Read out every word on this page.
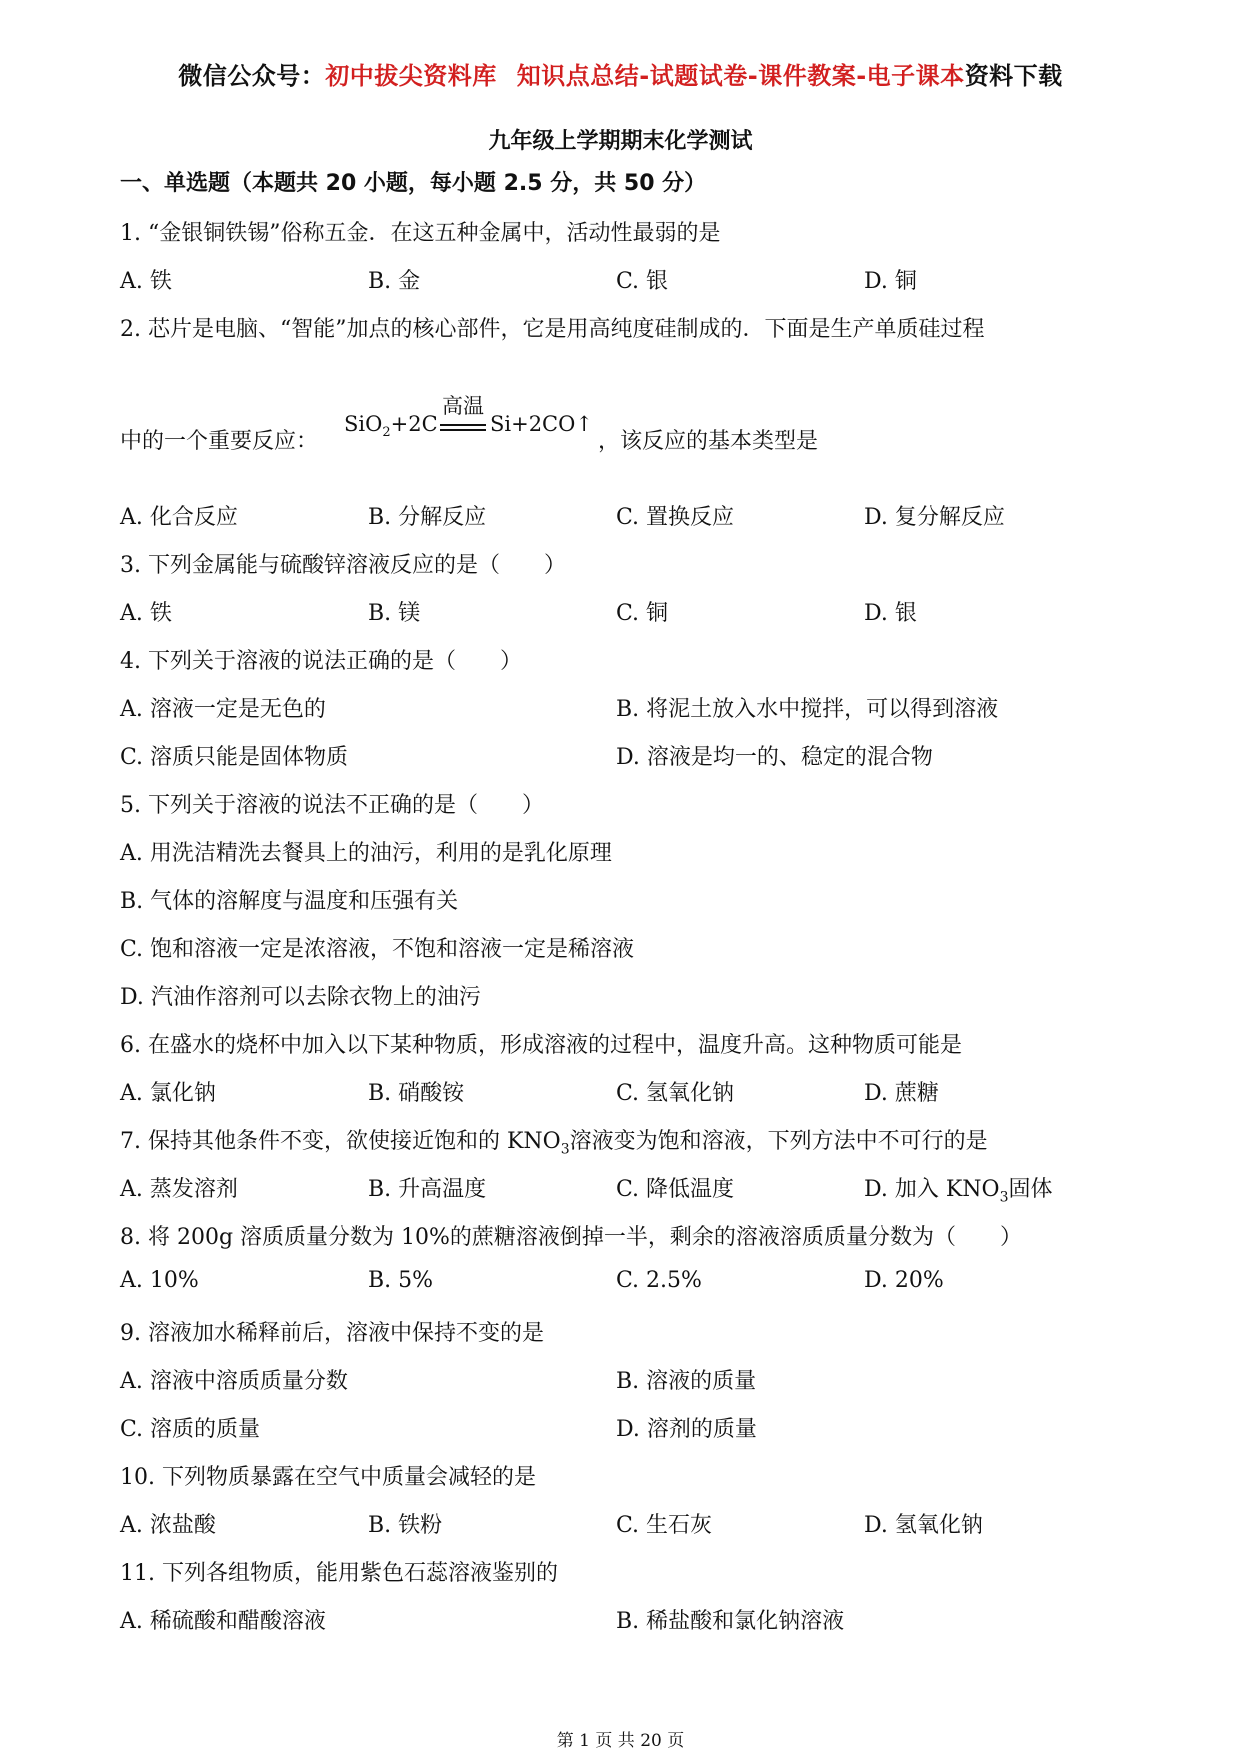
微信公众号：初中拔尖资料库 知识点总结-试题试卷-课件教案-电子课本资料下载
九年级上学期期末化学测试
一、单选题（本题共 20 小题，每小题 2.5 分，共 50 分）
1. “金银铜铁锡”俗称五金．在这五种金属中，活动性最弱的是
A. 铁	B. 金	C. 银	D. 铜
2. 芯片是电脑、“智能”加点的核心部件，它是用高纯度硅制成的．下面是生产单质硅过程
中的一个重要反应：
SiO$_2$+2C
高温
Si+2CO↑
，该反应的基本类型是
A. 化合反应	B. 分解反应	C. 置换反应	D. 复分解反应
3. 下列金属能与硫酸锌溶液反应的是（　　）
A. 铁	B. 镁	C. 铜	D. 银
4. 下列关于溶液的说法正确的是（　　）
A. 溶液一定是无色的	B. 将泥土放入水中搅拌，可以得到溶液
C. 溶质只能是固体物质	D. 溶液是均一的、稳定的混合物
5. 下列关于溶液的说法不正确的是（　　）
A. 用洗洁精洗去餐具上的油污，利用的是乳化原理
B. 气体的溶解度与温度和压强有关
C. 饱和溶液一定是浓溶液，不饱和溶液一定是稀溶液
D. 汽油作溶剂可以去除衣物上的油污
6. 在盛水的烧杯中加入以下某种物质，形成溶液的过程中，温度升高。这种物质可能是
A. 氯化钠	B. 硝酸铵	C. 氢氧化钠	D. 蔗糖
7. 保持其他条件不变，欲使接近饱和的 $KNO_3$溶液变为饱和溶液，下列方法中不可行的是
A. 蒸发溶剂	B. 升高温度	C. 降低温度	D. 加入 $KNO_3$固体
8. 将 200g 溶质质量分数为 10%的蔗糖溶液倒掉一半，剩余的溶液溶质质量分数为（　　）
A. 10%	B. 5%	C. 2.5%	D. 20%
9. 溶液加水稀释前后，溶液中保持不变的是
A. 溶液中溶质质量分数	B. 溶液的质量
C. 溶质的质量	D. 溶剂的质量
10. 下列物质暴露在空气中质量会减轻的是
A. 浓盐酸	B. 铁粉	C. 生石灰	D. 氢氧化钠
11. 下列各组物质，能用紫色石蕊溶液鉴别的
A. 稀硫酸和醋酸溶液	B. 稀盐酸和氯化钠溶液
第 1 页 共 20 页
